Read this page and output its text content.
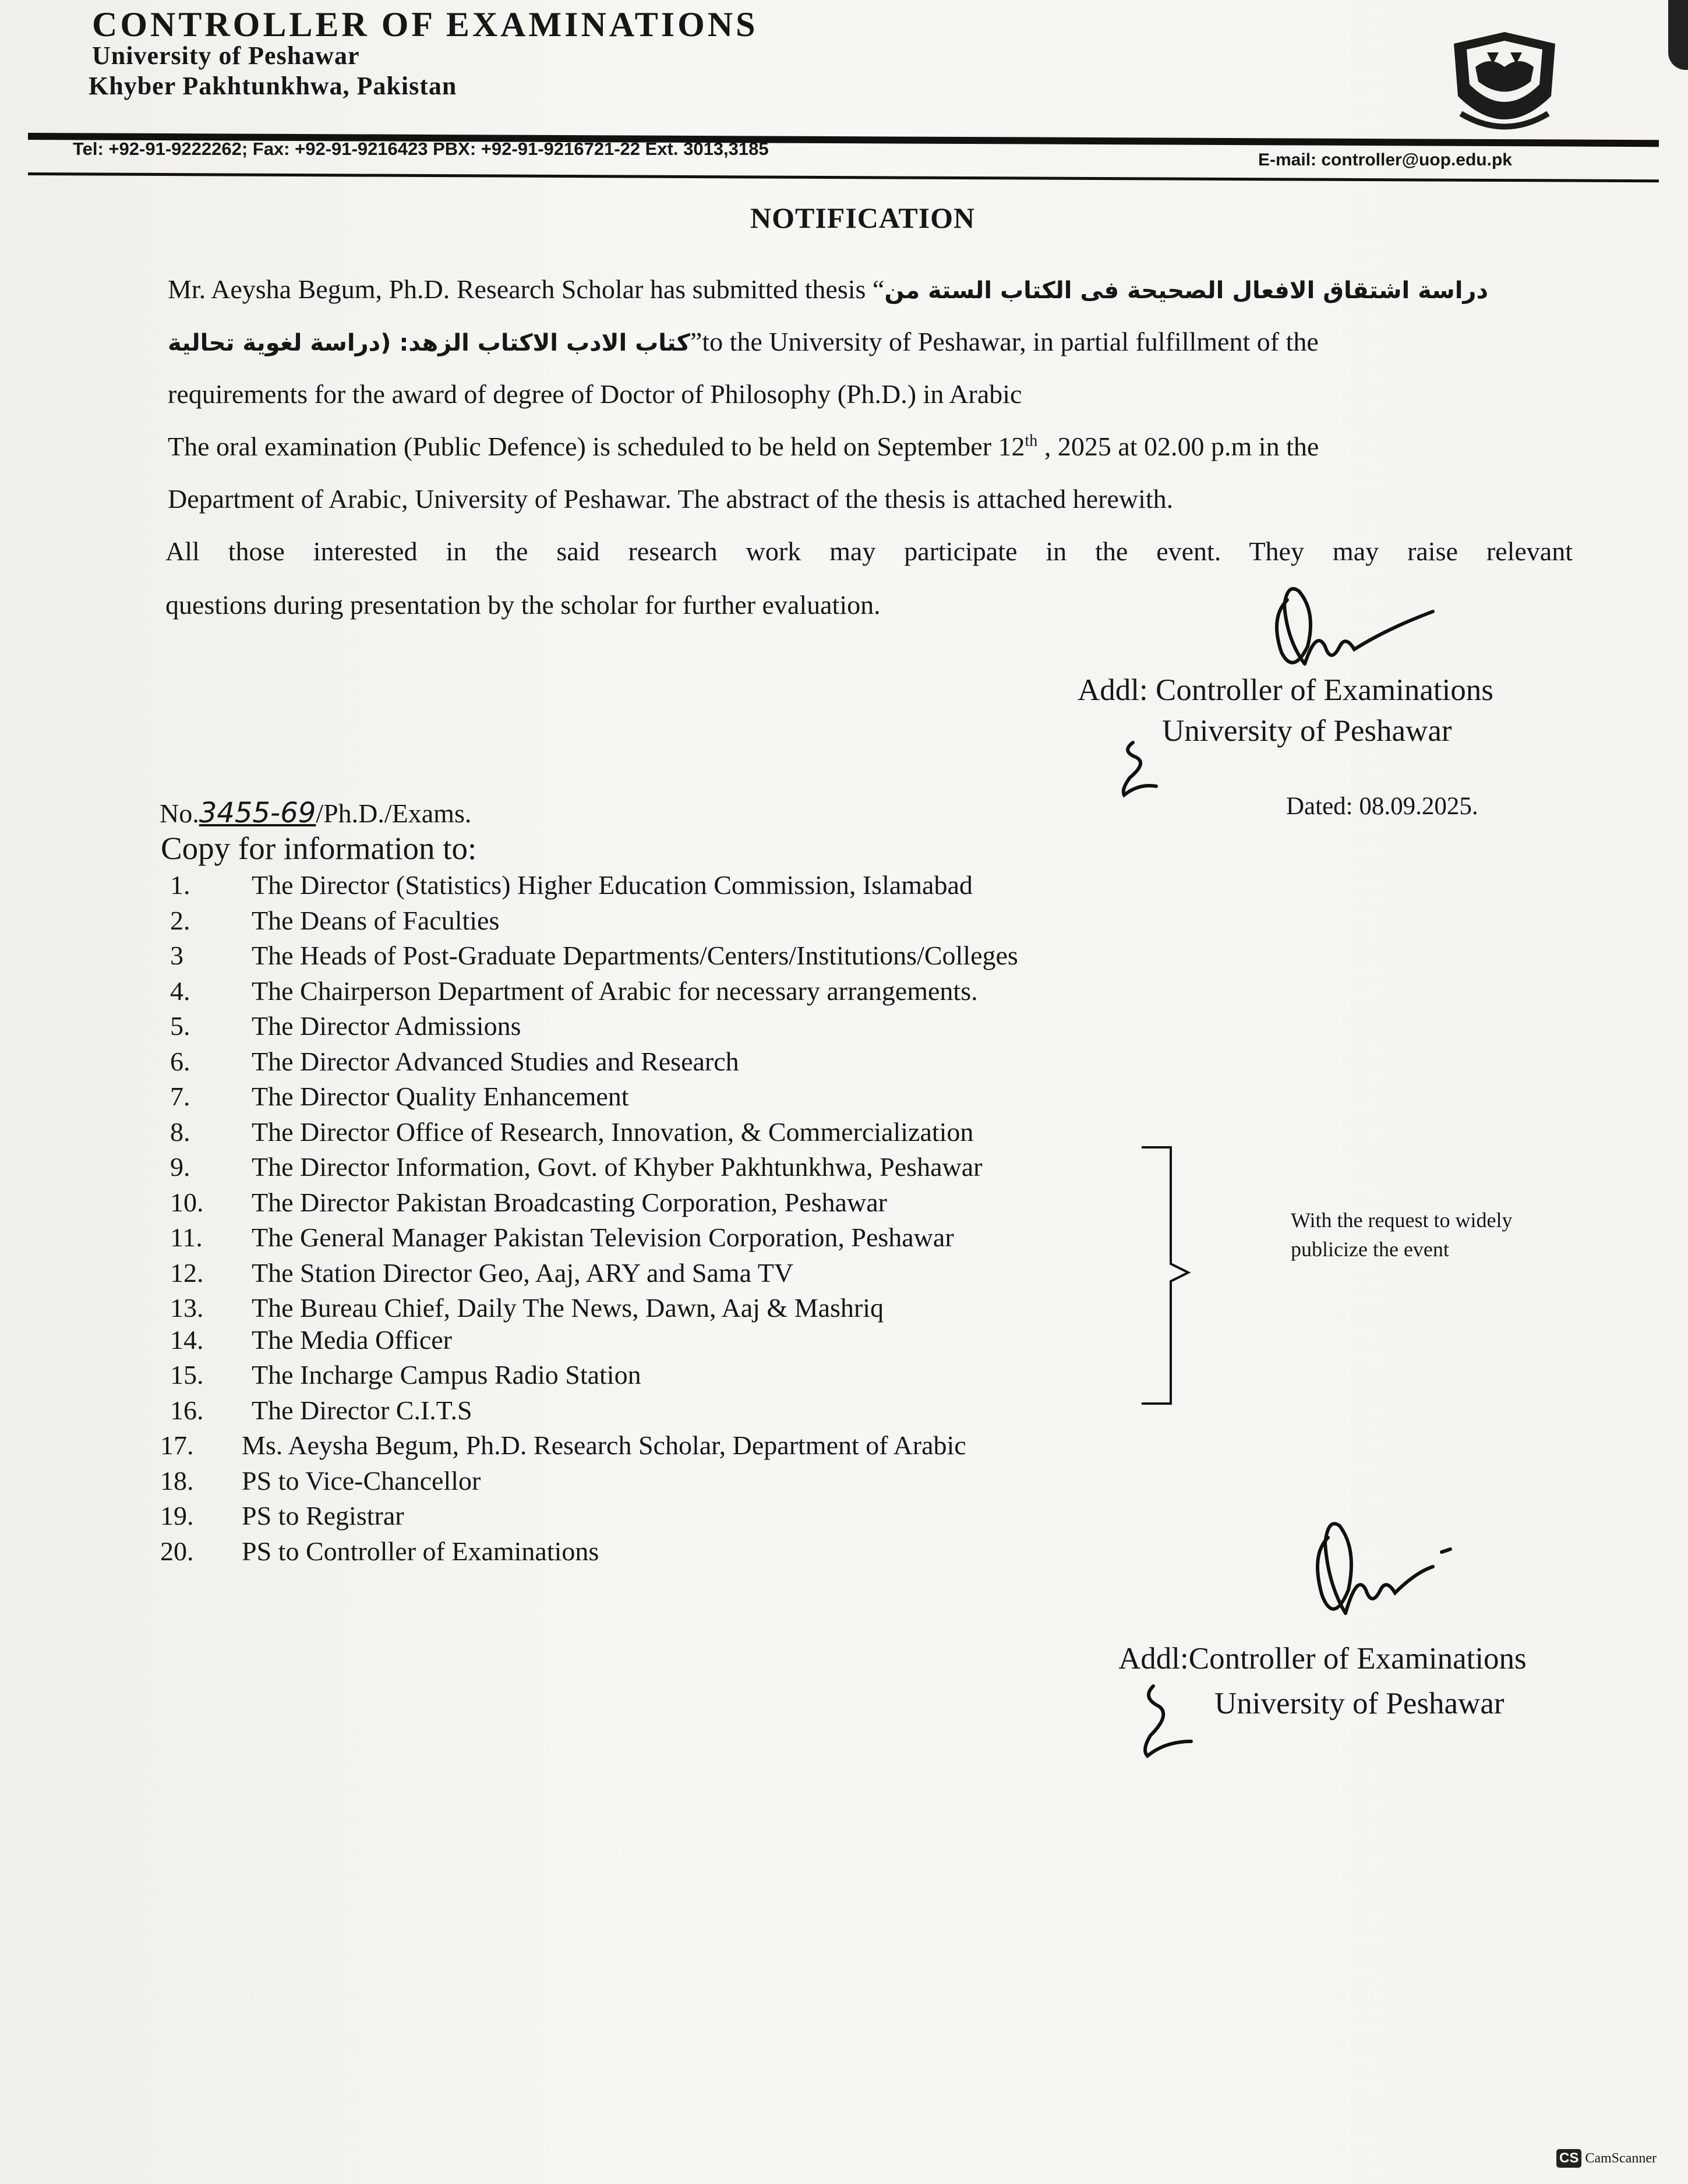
CONTROLLER OF EXAMINATIONS
University of Peshawar
Khyber Pakhtunkhwa, Pakistan
Tel: +92-91-9222262; Fax: +92-91-9216423 PBX: +92-91-9216721-22 Ext. 3013,3185
E-mail: controller@uop.edu.pk
NOTIFICATION
Mr. Aeysha Begum, Ph.D. Research Scholar has submitted thesis “دراسة اشتقاق الافعال الصحيحة فى الكتاب الستة من
كتاب الادب الاكتاب الزهد: (دراسة لغوية تحالية”to the University of Peshawar, in partial fulfillment of the
requirements for the award of degree of Doctor of Philosophy (Ph.D.) in Arabic
The oral examination (Public Defence) is scheduled to be held on September 12th , 2025 at 02.00 p.m in the
Department of Arabic, University of Peshawar. The abstract of the thesis is attached herewith.
All those interested in the said research work may participate in the event. They may raise relevant
questions during presentation by the scholar for further evaluation.
Addl: Controller of Examinations
University of Peshawar
No.3455-69/Ph.D./Exams.	Dated: 08.09.2025.
Copy for information to:
1. The Director (Statistics) Higher Education Commission, Islamabad
2. The Deans of Faculties
3	The Heads of Post-Graduate Departments/Centers/Institutions/Colleges
4. The Chairperson Department of Arabic for necessary arrangements.
5. The Director Admissions
6. The Director Advanced Studies and Research
7. The Director Quality Enhancement
8. The Director Office of Research, Innovation, & Commercialization
9. The Director Information, Govt. of Khyber Pakhtunkhwa, Peshawar
10. The Director Pakistan Broadcasting Corporation, Peshawar
11. The General Manager Pakistan Television Corporation, Peshawar
12. The Station Director Geo, Aaj, ARY and Sama TV
13. The Bureau Chief, Daily The News, Dawn, Aaj & Mashriq
14. The Media Officer
15. The Incharge Campus Radio Station
16. The Director C.I.T.S
17. Ms. Aeysha Begum, Ph.D. Research Scholar, Department of Arabic
18. PS to Vice-Chancellor
19. PS to Registrar
20. PS to Controller of Examinations
With the request to widely publicize the event
Addl:Controller of Examinations
University of Peshawar
CS CamScanner
